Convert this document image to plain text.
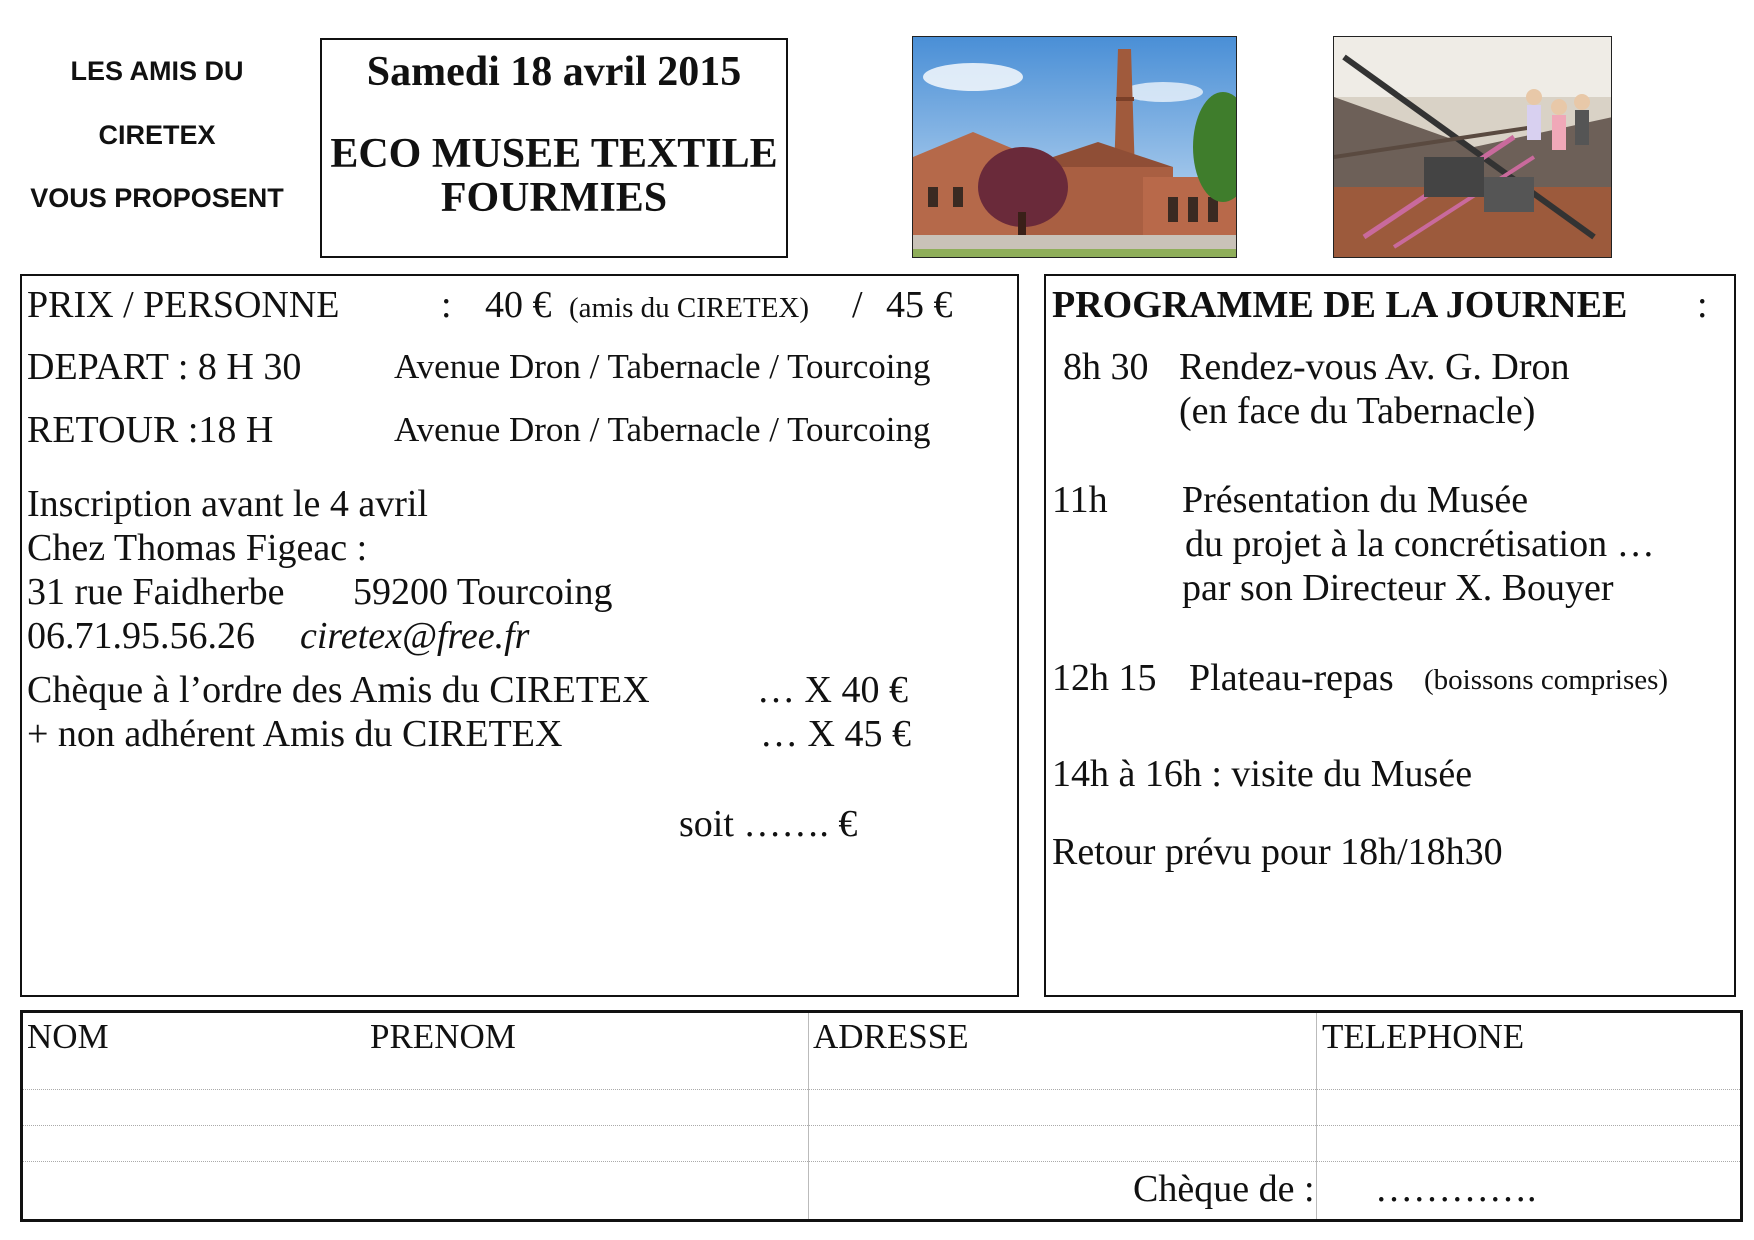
LES AMIS DU
CIRETEX
VOUS PROPOSENT
Samedi 18 avril 2015
ECO MUSEE TEXTILE
FOURMIES
PRIX / PERSONNE	: 40 € (amis du CIRETEX) / 45 €
DEPART : 8 H 30	Avenue Dron / Tabernacle / Tourcoing
RETOUR :18 H	Avenue Dron / Tabernacle / Tourcoing
Inscription avant le 4 avril
Chez Thomas Figeac :
31 rue Faidherbe 59200 Tourcoing
06.71.95.56.26 ciretex@free.fr
Chèque à l’ordre des Amis du CIRETEX	… X 40 €
+ non adhérent Amis du CIRETEX	… X 45 €
soit ……. €
PROGRAMME DE LA JOURNEE :
8h 30 Rendez-vous Av. G. Dron
(en face du Tabernacle)
11h Présentation du Musée
du projet à la concrétisation …
par son Directeur X. Bouyer
12h 15 Plateau-repas (boissons comprises)
14h à 16h : visite du Musée
Retour prévu pour 18h/18h30
NOM	PRENOM	ADRESSE	TELEPHONE
Chèque de : ………….
